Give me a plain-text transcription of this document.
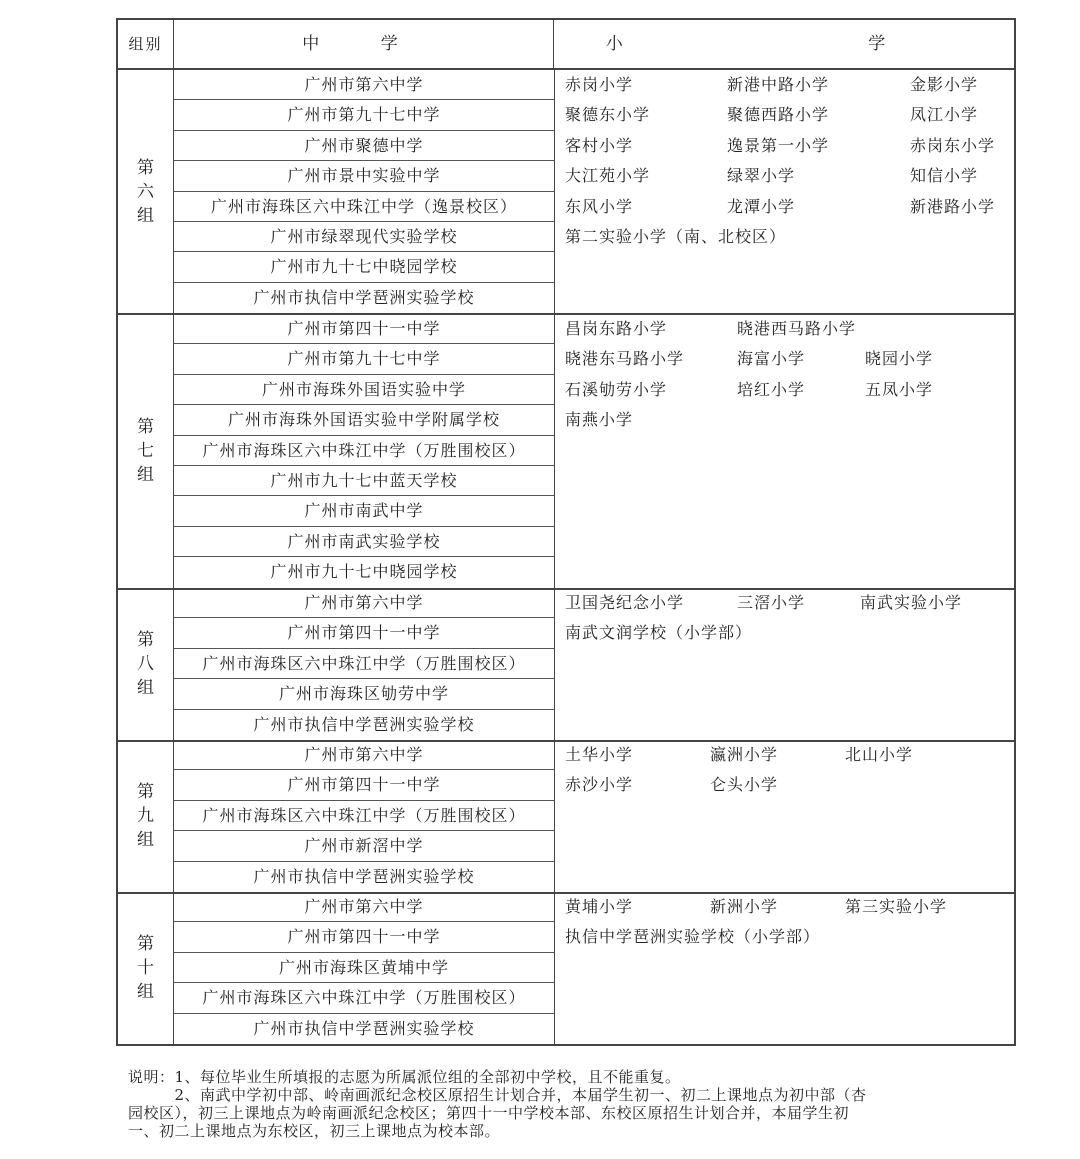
组别	中 学	小 学
第
六
组
广州市第六中学
广州市第九十七中学
广州市聚德中学
广州市景中实验中学
广州市海珠区六中珠江中学（逸景校区）
广州市绿翠现代实验学校
广州市九十七中晓园学校
广州市执信中学琶洲实验学校
赤岗小学	新港中路小学	金影小学
聚德东小学	聚德西路小学	凤江小学
客村小学	逸景第一小学	赤岗东小学
大江苑小学	绿翠小学	知信小学
东风小学	龙潭小学	新港路小学
第二实验小学（南、北校区）
第
七
组
广州市第四十一中学
广州市第九十七中学
广州市海珠外国语实验中学
广州市海珠外国语实验中学附属学校
广州市海珠区六中珠江中学（万胜围校区）
广州市九十七中蓝天学校
广州市南武中学
广州市南武实验学校
广州市九十七中晓园学校
昌岗东路小学	晓港西马路小学
晓港东马路小学	海富小学	晓园小学
石溪劬劳小学	培红小学	五凤小学
南燕小学
第
八
组
广州市第六中学
广州市第四十一中学
广州市海珠区六中珠江中学（万胜围校区）
广州市海珠区劬劳中学
广州市执信中学琶洲实验学校
卫国尧纪念小学	三滘小学	南武实验小学
南武文润学校（小学部）
第
九
组
广州市第六中学
广州市第四十一中学
广州市海珠区六中珠江中学（万胜围校区）
广州市新滘中学
广州市执信中学琶洲实验学校
土华小学	瀛洲小学	北山小学
赤沙小学	仑头小学
第
十
组
广州市第六中学
广州市第四十一中学
广州市海珠区黄埔中学
广州市海珠区六中珠江中学（万胜围校区）
广州市执信中学琶洲实验学校
黄埔小学	新洲小学	第三实验小学
执信中学琶洲实验学校（小学部）
说明：1、每位毕业生所填报的志愿为所属派位组的全部初中学校，且不能重复。
　　　2、南武中学初中部、岭南画派纪念校区原招生计划合并，本届学生初一、初二上课地点为初中部（杏
园校区），初三上课地点为岭南画派纪念校区；第四十一中学校本部、东校区原招生计划合并，本届学生初
一、初二上课地点为东校区，初三上课地点为校本部。
